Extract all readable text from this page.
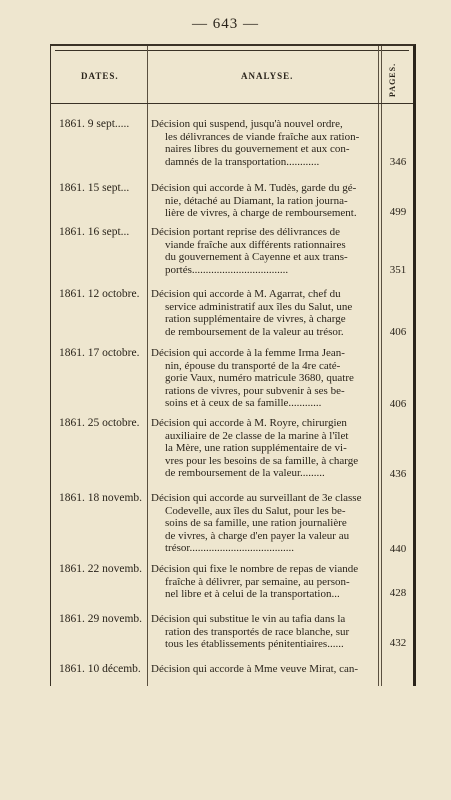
— 643 —
DATES.	ANALYSE.	PAGES.
1861. 9 sept.....	Décision qui suspend, jusqu'à nouvel ordre,
les délivrances de viande fraîche aux ration-
naires libres du gouvernement et aux con-
damnés de la transportation............	346
1861. 15 sept...	Décision qui accorde à M. Tudès, garde du gé-
nie, détaché au Diamant, la ration journa-
lière de vivres, à charge de remboursement.	499
1861. 16 sept...	Décision portant reprise des délivrances de
viande fraîche aux différents rationnaires
du gouvernement à Cayenne et aux trans-
portés...................................	351
1861. 12 octobre.	Décision qui accorde à M. Agarrat, chef du
service administratif aux îles du Salut, une
ration supplémentaire de vivres, à charge
de remboursement de la valeur au trésor.	406
1861. 17 octobre.	Décision qui accorde à la femme Irma Jean-
nin, épouse du transporté de la 4re caté-
gorie Vaux, numéro matricule 3680, quatre
rations de vivres, pour subvenir à ses be-
soins et à ceux de sa famille............	406
1861. 25 octobre.	Décision qui accorde à M. Royre, chirurgien
auxiliaire de 2e classe de la marine à l'îlet
la Mère, une ration supplémentaire de vi-
vres pour les besoins de sa famille, à charge
de remboursement de la valeur.........	436
1861. 18 novemb. Décision qui accorde au surveillant de 3e classe
Codevelle, aux îles du Salut, pour les be-
soins de sa famille, une ration journalière
de vivres, à charge d'en payer la valeur au
trésor......................................	440
1861. 22 novemb. Décision qui fixe le nombre de repas de viande
fraîche à délivrer, par semaine, au person-
nel libre et à celui de la transportation...	428
1861. 29 novemb. Décision qui substitue le vin au tafia dans la
ration des transportés de race blanche, sur
tous les établissements pénitentiaires......	432
1861. 10 décemb. Décision qui accorde à Mme veuve Mirat, can-
